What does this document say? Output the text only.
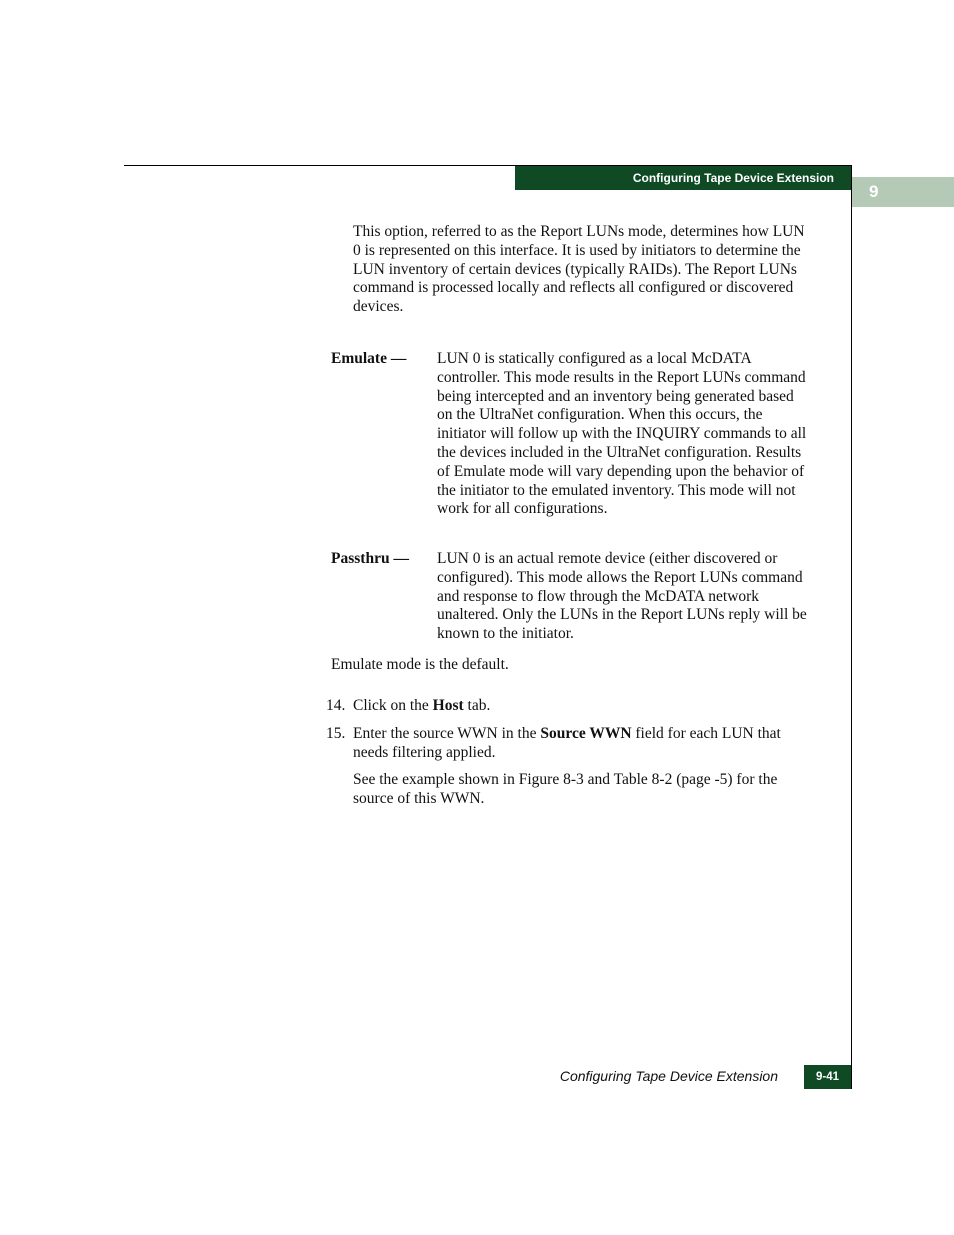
Configuring Tape Device Extension
9

This option, referred to as the Report LUNs mode, determines how LUN 0 is represented on this interface. It is used by initiators to determine the LUN inventory of certain devices (typically RAIDs). The Report LUNs command is processed locally and reflects all configured or discovered devices.

Emulate — LUN 0 is statically configured as a local McDATA controller. This mode results in the Report LUNs command being intercepted and an inventory being generated based on the UltraNet configuration. When this occurs, the initiator will follow up with the INQUIRY commands to all the devices included in the UltraNet configuration. Results of Emulate mode will vary depending upon the behavior of the initiator to the emulated inventory. This mode will not work for all configurations.

Passthru — LUN 0 is an actual remote device (either discovered or configured). This mode allows the Report LUNs command and response to flow through the McDATA network unaltered. Only the LUNs in the Report LUNs reply will be known to the initiator.

Emulate mode is the default.

14. Click on the Host tab.
15. Enter the source WWN in the Source WWN field for each LUN that needs filtering applied.

See the example shown in Figure 8-3 and Table 8-2 (page -5) for the source of this WWN.

Configuring Tape Device Extension	9-41
